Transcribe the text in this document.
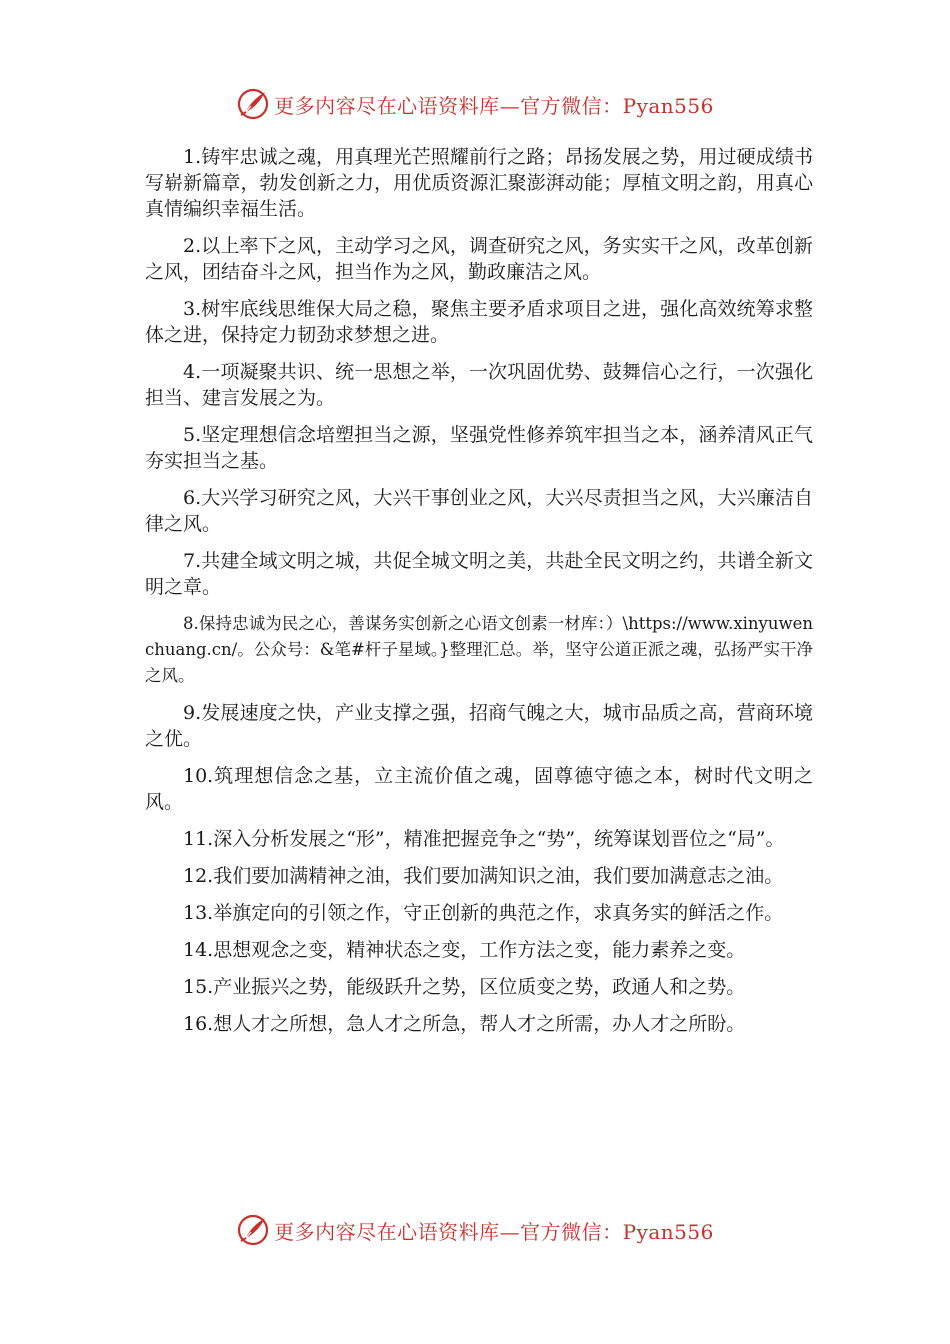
更多内容尽在心语资料库—官方微信：Pyan556

1.铸牢忠诚之魂，用真理光芒照耀前行之路；昂扬发展之势，用过硬成绩书写崭新篇章，勃发创新之力，用优质资源汇聚澎湃动能；厚植文明之韵，用真心真情编织幸福生活。

2.以上率下之风，主动学习之风，调查研究之风，务实实干之风，改革创新之风，团结奋斗之风，担当作为之风，勤政廉洁之风。

3.树牢底线思维保大局之稳，聚焦主要矛盾求项目之进，强化高效统筹求整体之进，保持定力韧劲求梦想之进。

4.一项凝聚共识、统一思想之举，一次巩固优势、鼓舞信心之行，一次强化担当、建言发展之为。

5.坚定理想信念培塑担当之源，坚强党性修养筑牢担当之本，涵养清风正气夯实担当之基。

6.大兴学习研究之风，大兴干事创业之风，大兴尽责担当之风，大兴廉洁自律之风。

7.共建全域文明之城，共促全城文明之美，共赴全民文明之约，共谱全新文明之章。

8.保持忠诚为民之心，善谋务实创新之心语文创素一材库：）\https://www.xinyuwenchuang.cn/。公众号：&笔#杆子星域。}整理汇总。举，坚守公道正派之魂，弘扬严实干净之风。

9.发展速度之快，产业支撑之强，招商气魄之大，城市品质之高，营商环境之优。

10.筑理想信念之基，立主流价值之魂，固尊德守德之本，树时代文明之风。

11.深入分析发展之“形”，精准把握竞争之“势”，统筹谋划晋位之“局”。

12.我们要加满精神之油，我们要加满知识之油，我们要加满意志之油。

13.举旗定向的引领之作，守正创新的典范之作，求真务实的鲜活之作。

14.思想观念之变，精神状态之变，工作方法之变，能力素养之变。

15.产业振兴之势，能级跃升之势，区位质变之势，政通人和之势。

16.想人才之所想，急人才之所急，帮人才之所需，办人才之所盼。

更多内容尽在心语资料库—官方微信：Pyan556
